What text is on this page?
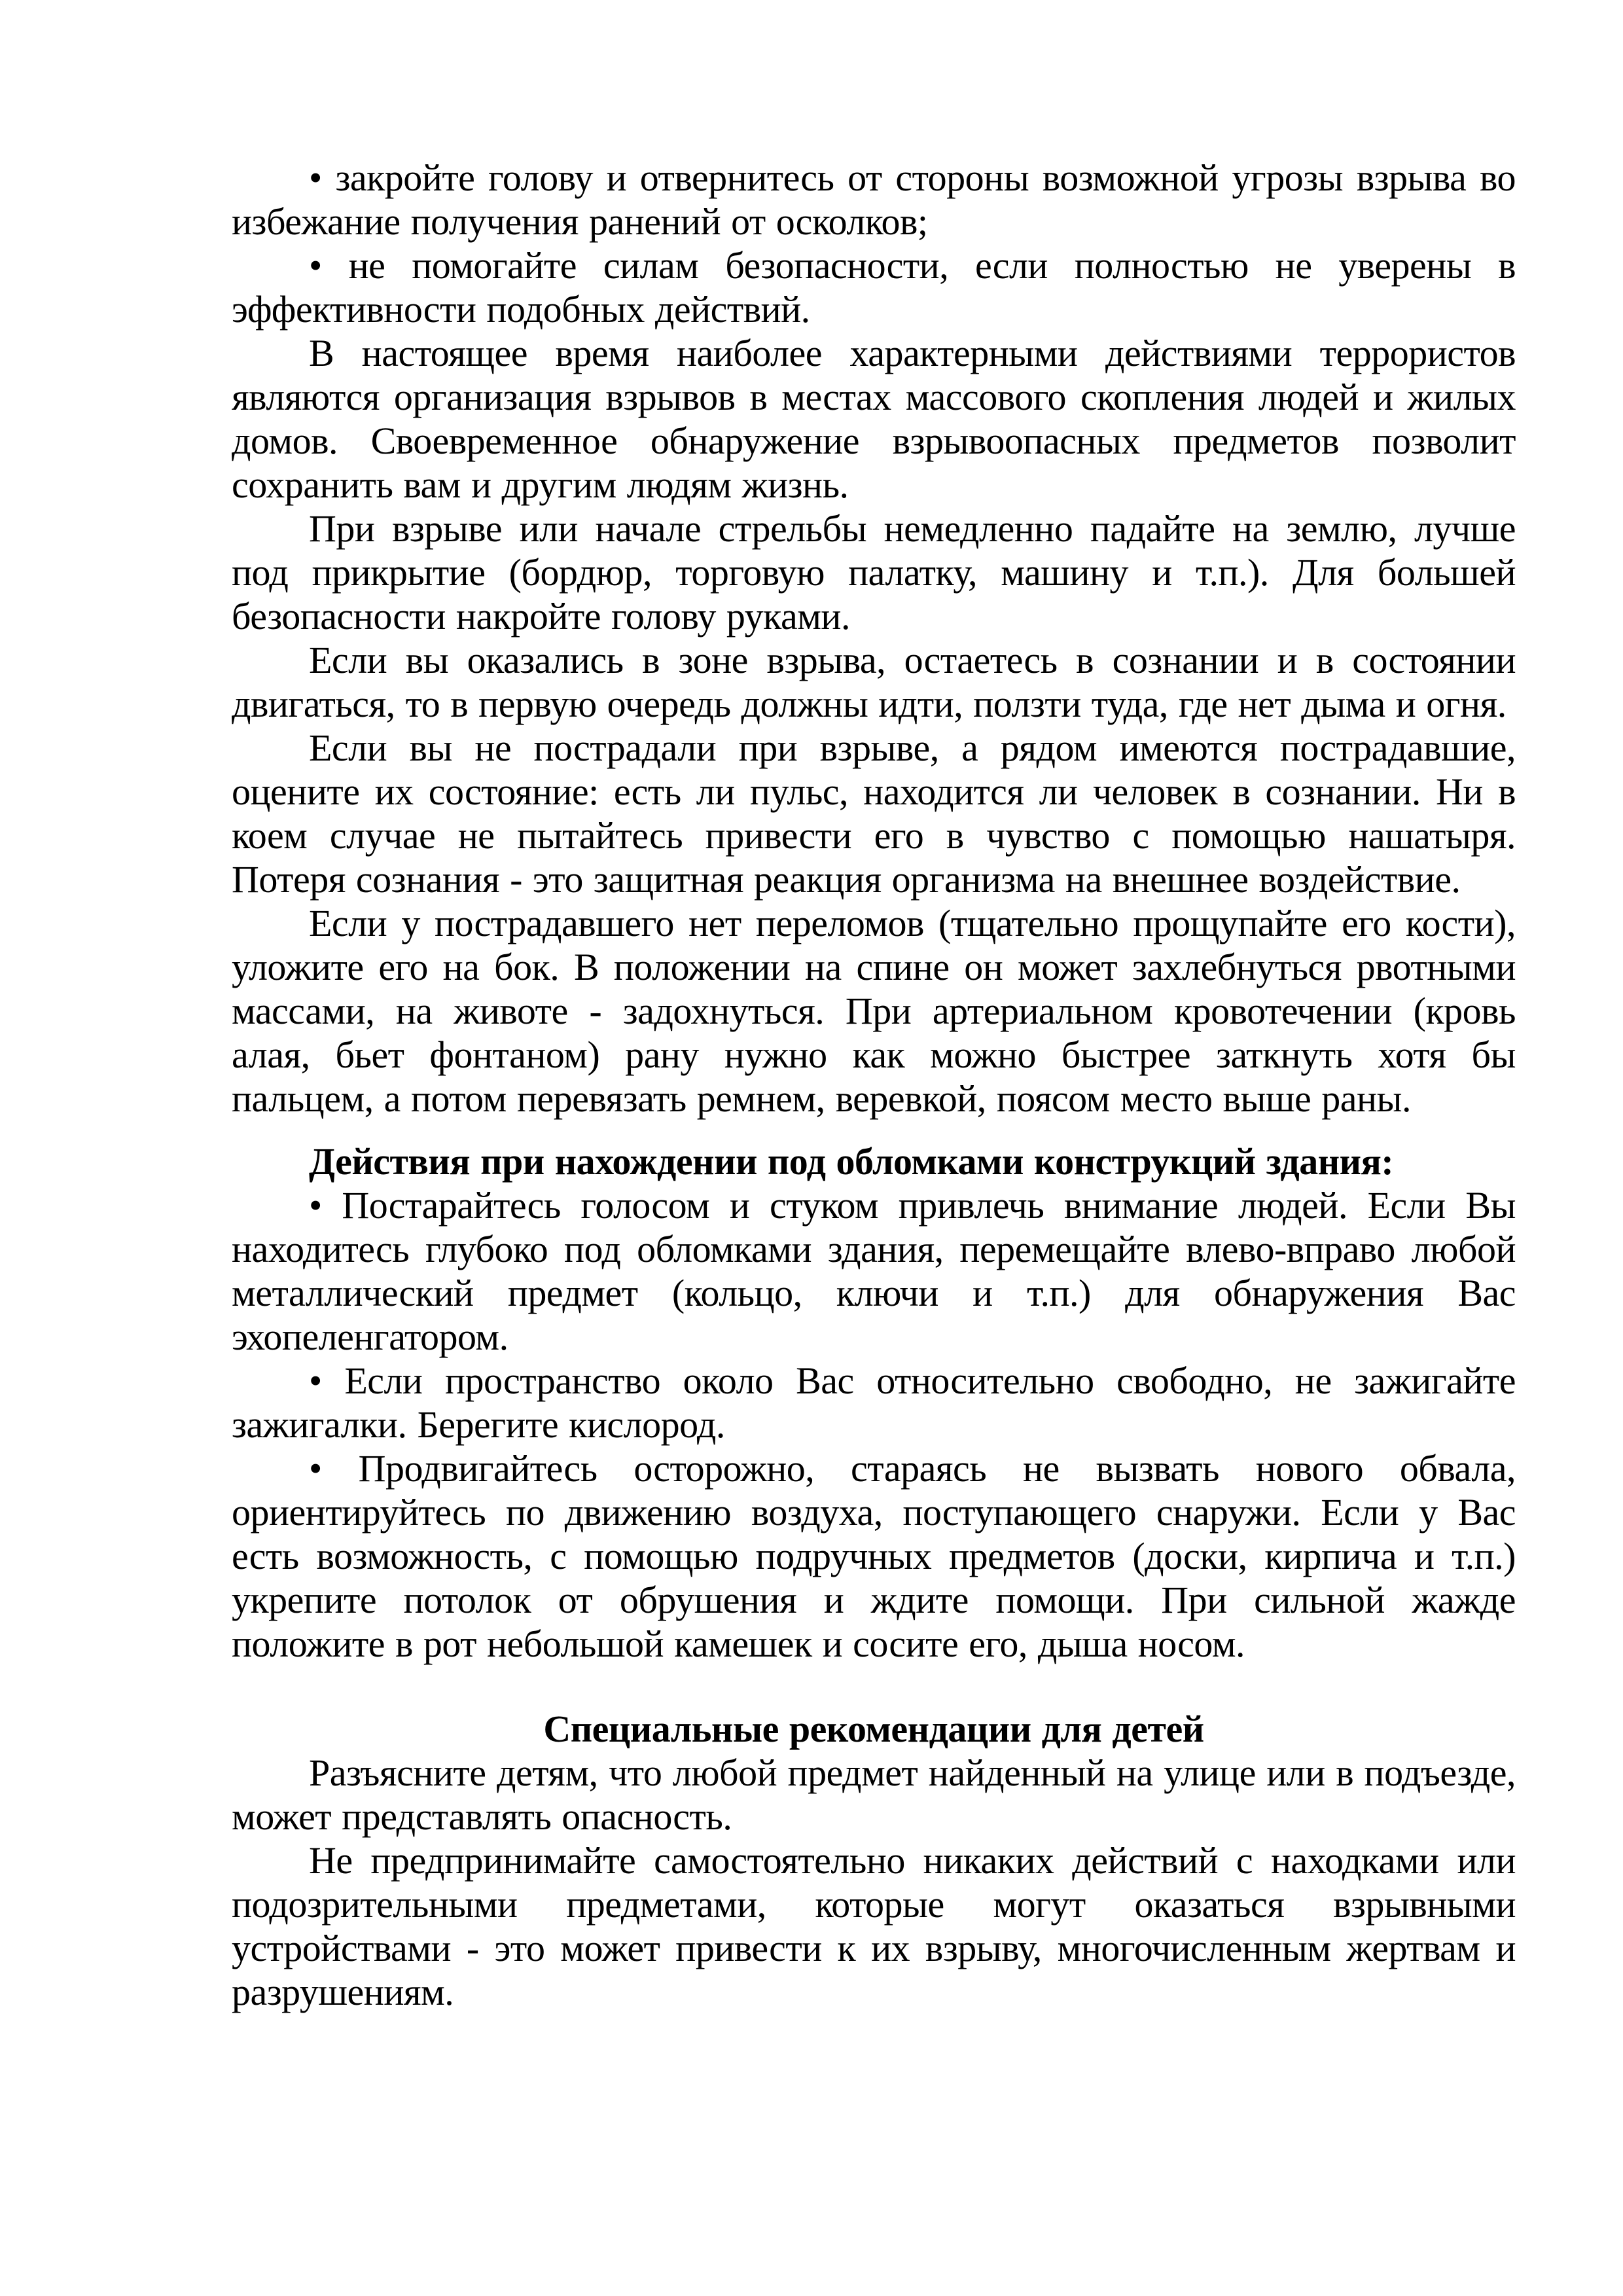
• закройте голову и отвернитесь от стороны возможной угрозы взрыва во избежание получения ранений от осколков;

• не помогайте силам безопасности, если полностью не уверены в эффективности подобных действий.

В настоящее время наиболее характерными действиями террористов являются организация взрывов в местах массового скопления людей и жилых домов. Своевременное обнаружение взрывоопасных предметов позволит сохранить вам и другим людям жизнь.

При взрыве или начале стрельбы немедленно падайте на землю, лучше под прикрытие (бордюр, торговую палатку, машину и т.п.). Для большей безопасности накройте голову руками.

Если вы оказались в зоне взрыва, остаетесь в сознании и в состоянии двигаться, то в первую очередь должны идти, ползти туда, где нет дыма и огня.

Если вы не пострадали при взрыве, а рядом имеются пострадавшие, оцените их состояние: есть ли пульс, находится ли человек в сознании. Ни в коем случае не пытайтесь привести его в чувство с помощью нашатыря. Потеря сознания - это защитная реакция организма на внешнее воздействие.

Если у пострадавшего нет переломов (тщательно прощупайте его кости), уложите его на бок. В положении на спине он может захлебнуться рвотными массами, на животе - задохнуться. При артериальном кровотечении (кровь алая, бьет фонтаном) рану нужно как можно быстрее заткнуть хотя бы пальцем, а потом перевязать ремнем, веревкой, поясом место выше раны.

Действия при нахождении под обломками конструкций здания:

• Постарайтесь голосом и стуком привлечь внимание людей. Если Вы находитесь глубоко под обломками здания, перемещайте влево-вправо любой металлический предмет (кольцо, ключи и т.п.) для обнаружения Вас эхопеленгатором.

• Если пространство около Вас относительно свободно, не зажигайте зажигалки. Берегите кислород.

• Продвигайтесь осторожно, стараясь не вызвать нового обвала, ориентируйтесь по движению воздуха, поступающего снаружи. Если у Вас есть возможность, с помощью подручных предметов (доски, кирпича и т.п.) укрепите потолок от обрушения и ждите помощи. При сильной жажде положите в рот небольшой камешек и сосите его, дыша носом.

Специальные рекомендации для детей

Разъясните детям, что любой предмет найденный на улице или в подъезде, может представлять опасность.

Не предпринимайте самостоятельно никаких действий с находками или подозрительными предметами, которые могут оказаться взрывными устройствами - это может привести к их взрыву, многочисленным жертвам и разрушениям.
